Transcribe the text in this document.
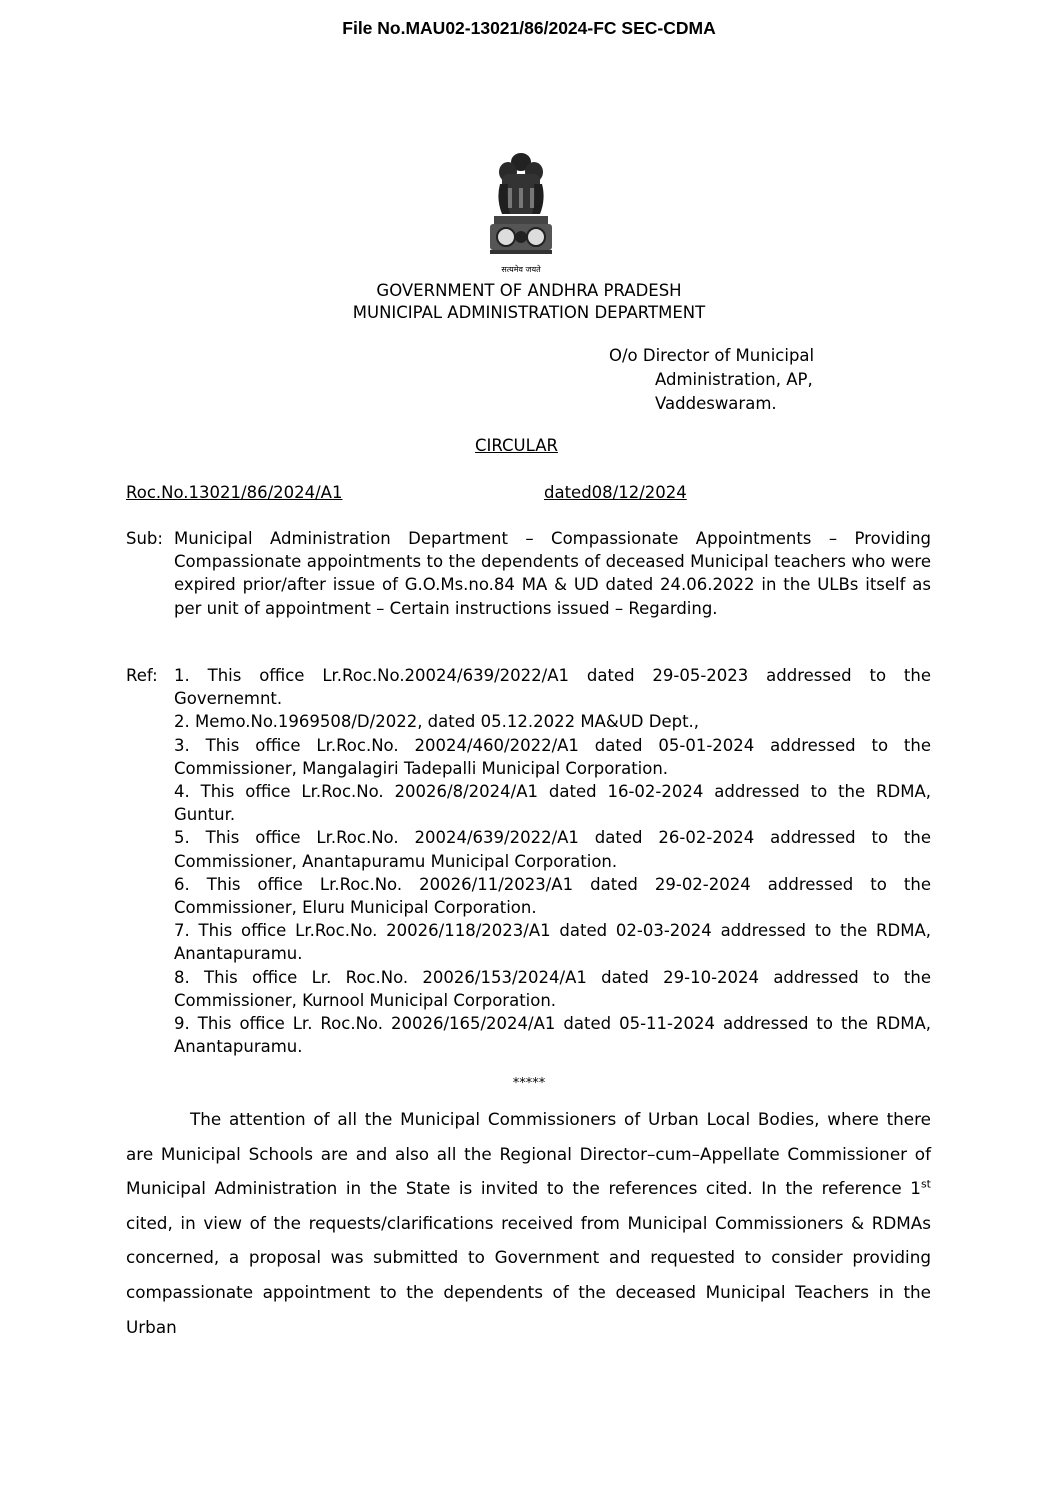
File No.MAU02-13021/86/2024-FC SEC-CDMA
सत्यमेव जयते
GOVERNMENT OF ANDHRA PRADESH
MUNICIPAL ADMINISTRATION DEPARTMENT
O/o Director of Municipal
Administration, AP,
Vaddeswaram.
CIRCULAR
Roc.No.13021/86/2024/A1	dated08/12/2024
Sub: Municipal Administration Department – Compassionate Appointments – Providing Compassionate appointments to the dependents of deceased Municipal teachers who were expired prior/after issue of G.O.Ms.no.84 MA & UD dated 24.06.2022 in the ULBs itself as per unit of appointment – Certain instructions issued – Regarding.
Ref: 1. This office Lr.Roc.No.20024/639/2022/A1 dated 29-05-2023 addressed to the Governemnt.
2. Memo.No.1969508/D/2022, dated 05.12.2022 MA&UD Dept.,
3. This office Lr.Roc.No. 20024/460/2022/A1 dated 05-01-2024 addressed to the Commissioner, Mangalagiri Tadepalli Municipal Corporation.
4. This office Lr.Roc.No. 20026/8/2024/A1 dated 16-02-2024 addressed to the RDMA, Guntur.
5. This office Lr.Roc.No. 20024/639/2022/A1 dated 26-02-2024 addressed to the Commissioner, Anantapuramu Municipal Corporation.
6. This office Lr.Roc.No. 20026/11/2023/A1 dated 29-02-2024 addressed to the Commissioner, Eluru Municipal Corporation.
7. This office Lr.Roc.No. 20026/118/2023/A1 dated 02-03-2024 addressed to the RDMA, Anantapuramu.
8. This office Lr. Roc.No. 20026/153/2024/A1 dated 29-10-2024 addressed to the Commissioner, Kurnool Municipal Corporation.
9. This office Lr. Roc.No. 20026/165/2024/A1 dated 05-11-2024 addressed to the RDMA, Anantapuramu.
*****
The attention of all the Municipal Commissioners of Urban Local Bodies, where there are Municipal Schools are and also all the Regional Director–cum–Appellate Commissioner of Municipal Administration in the State is invited to the references cited. In the reference 1st cited, in view of the requests/clarifications received from Municipal Commissioners & RDMAs concerned, a proposal was submitted to Government and requested to consider providing compassionate appointment to the dependents of the deceased Municipal Teachers in the Urban
